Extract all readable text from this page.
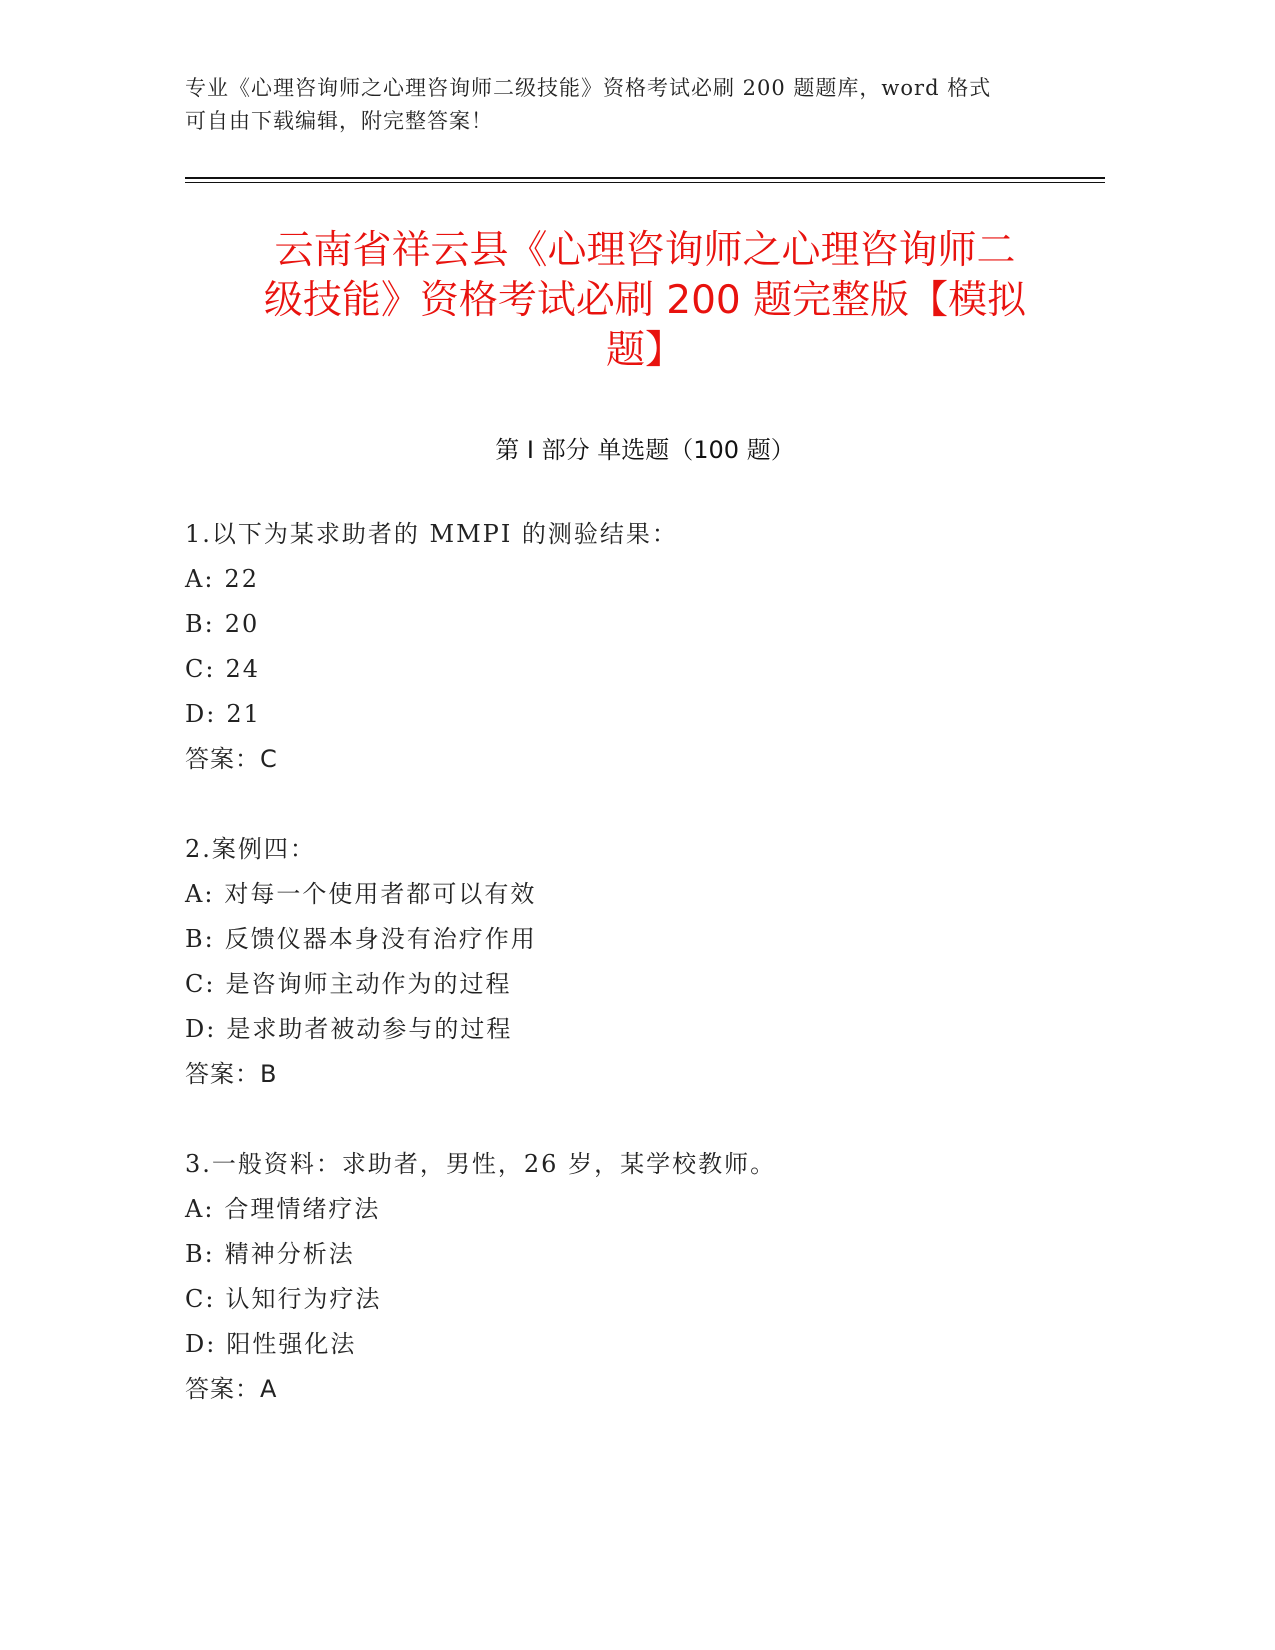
专业《心理咨询师之心理咨询师二级技能》资格考试必刷 200 题题库，word 格式
可自由下载编辑，附完整答案！
云南省祥云县《心理咨询师之心理咨询师二
级技能》资格考试必刷 200 题完整版【模拟
题】
第 I 部分 单选题（100 题）
1.以下为某求助者的 MMPI 的测验结果：
A: 22
B: 20
C: 24
D: 21
答案：C
2.案例四：
A: 对每一个使用者都可以有效
B: 反馈仪器本身没有治疗作用
C: 是咨询师主动作为的过程
D: 是求助者被动参与的过程
答案：B
3.一般资料：求助者，男性，26 岁，某学校教师。
A: 合理情绪疗法
B: 精神分析法
C: 认知行为疗法
D: 阳性强化法
答案：A
